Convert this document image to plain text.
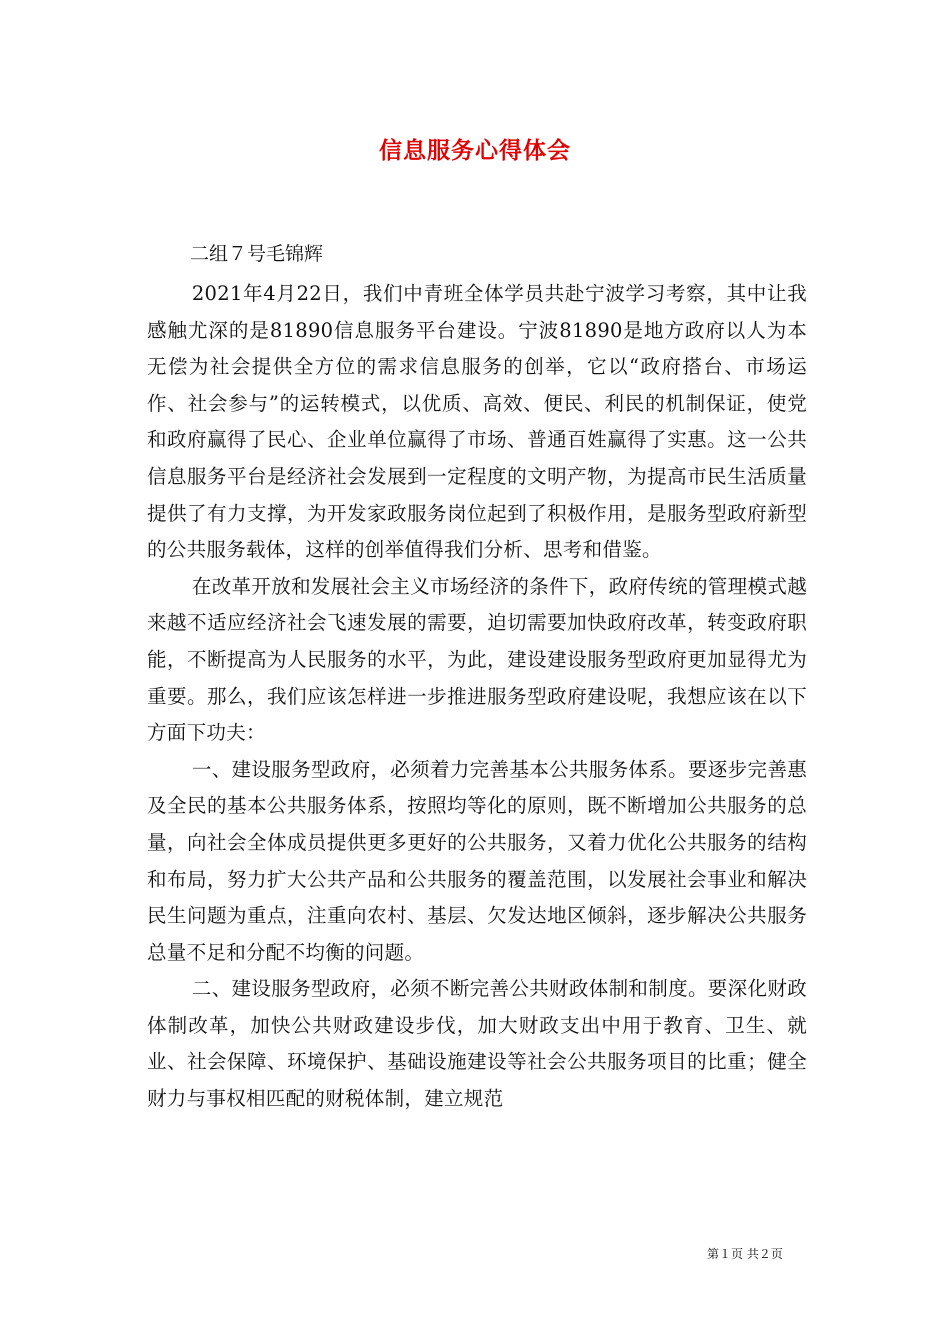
信息服务心得体会
二组７号毛锦辉

2021年4月22日，我们中青班全体学员共赴宁波学习考察，其中让我感触尤深的是81890信息服务平台建设。宁波81890是地方政府以人为本无偿为社会提供全方位的需求信息服务的创举，它以“政府搭台、市场运作、社会参与”的运转模式，以优质、高效、便民、利民的机制保证，使党和政府赢得了民心、企业单位赢得了市场、普通百姓赢得了实惠。这一公共信息服务平台是经济社会发展到一定程度的文明产物，为提高市民生活质量提供了有力支撑，为开发家政服务岗位起到了积极作用，是服务型政府新型的公共服务载体，这样的创举值得我们分析、思考和借鉴。

在改革开放和发展社会主义市场经济的条件下，政府传统的管理模式越来越不适应经济社会飞速发展的需要，迫切需要加快政府改革，转变政府职能，不断提高为人民服务的水平，为此，建设建设服务型政府更加显得尤为重要。那么，我们应该怎样进一步推进服务型政府建设呢，我想应该在以下方面下功夫：

一、建设服务型政府，必须着力完善基本公共服务体系。要逐步完善惠及全民的基本公共服务体系，按照均等化的原则，既不断增加公共服务的总量，向社会全体成员提供更多更好的公共服务，又着力优化公共服务的结构和布局，努力扩大公共产品和公共服务的覆盖范围，以发展社会事业和解决民生问题为重点，注重向农村、基层、欠发达地区倾斜，逐步解决公共服务总量不足和分配不均衡的问题。

二、建设服务型政府，必须不断完善公共财政体制和制度。要深化财政体制改革，加快公共财政建设步伐，加大财政支出中用于教育、卫生、就业、社会保障、环境保护、基础设施建设等社会公共服务项目的比重；健全财力与事权相匹配的财税体制，建立规范

第１页 共２页
